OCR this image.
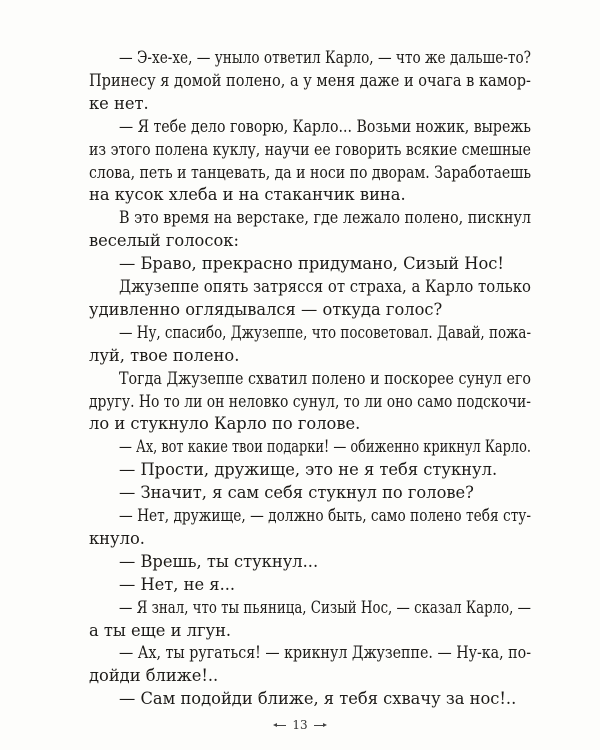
— Э-хе-хе, — уныло ответил Карло, — что же дальше-то?
Принесу я домой полено, а у меня даже и очага в камор-
ке нет.
— Я тебе дело говорю, Карло... Возьми ножик, вырежь
из этого полена куклу, научи ее говорить всякие смешные
слова, петь и танцевать, да и носи по дворам. Заработаешь
на кусок хлеба и на стаканчик вина.
В это время на верстаке, где лежало полено, пискнул
веселый голосок:
— Браво, прекрасно придумано, Сизый Нос!
Джузеппе опять затрясся от страха, а Карло только
удивленно оглядывался — откуда голос?
— Ну, спасибо, Джузеппе, что посоветовал. Давай, пожа-
луй, твое полено.
Тогда Джузеппе схватил полено и поскорее сунул его
другу. Но то ли он неловко сунул, то ли оно само подскочи-
ло и стукнуло Карло по голове.
— Ах, вот какие твои подарки! — обиженно крикнул Карло.
— Прости, дружище, это не я тебя стукнул.
— Значит, я сам себя стукнул по голове?
— Нет, дружище, — должно быть, само полено тебя сту-
кнуло.
— Врешь, ты стукнул...
— Нет, не я...
— Я знал, что ты пьяница, Сизый Нос, — сказал Карло, —
а ты еще и лгун.
— Ах, ты ругаться! — крикнул Джузеппе. — Ну-ка, по-
дойди ближе!..
— Сам подойди ближе, я тебя схвачу за нос!..
13
